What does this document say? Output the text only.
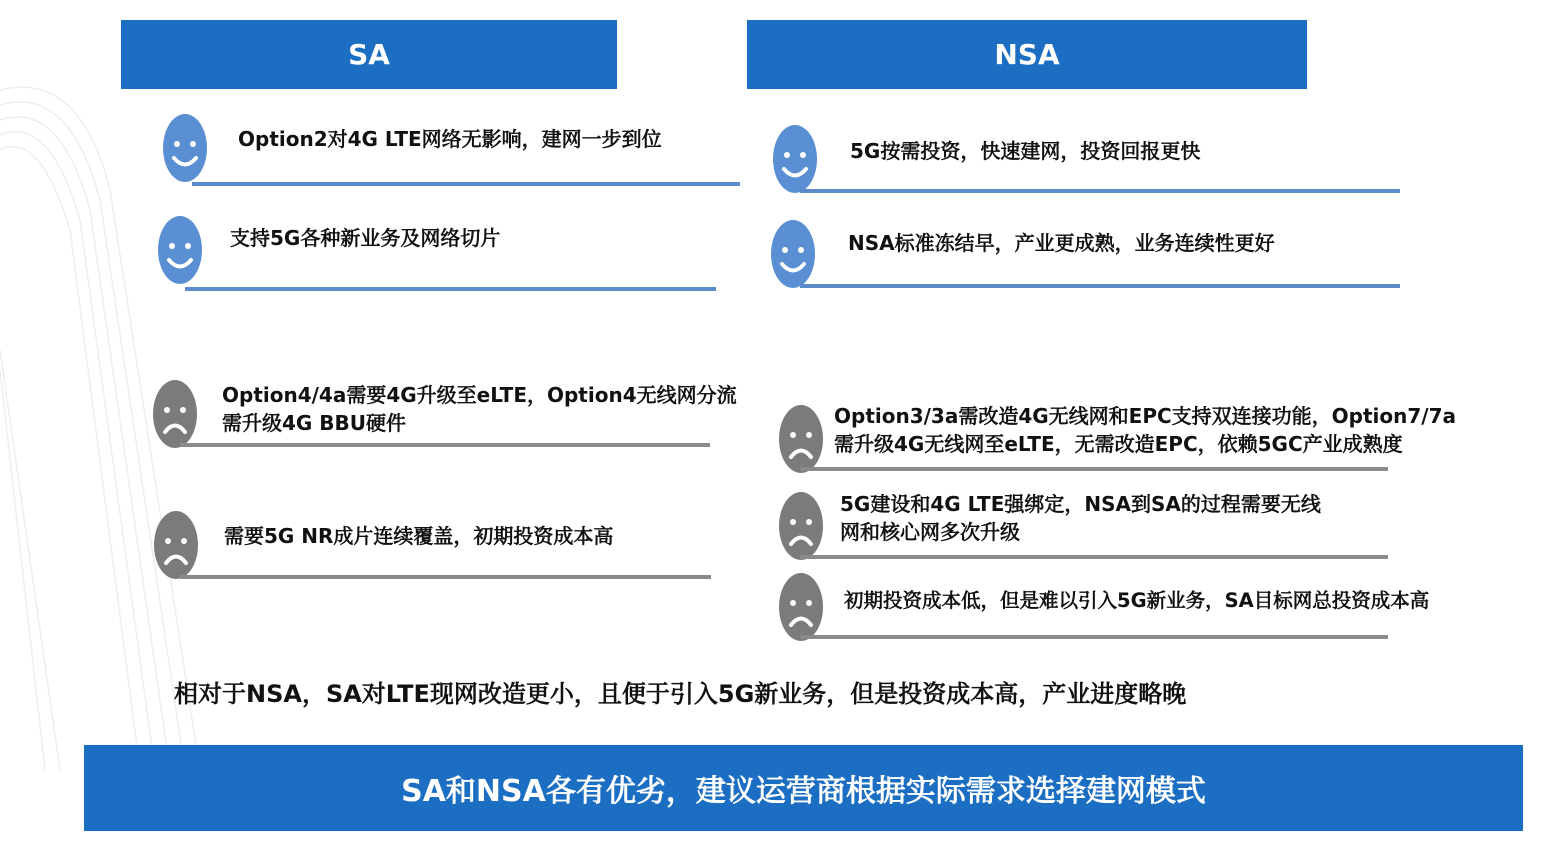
SA	NSA
Option2对4G LTE网络无影响，建网一步到位
支持5G各种新业务及网络切片
Option4/4a需要4G升级至eLTE，Option4无线网分流
需升级4G BBU硬件
需要5G NR成片连续覆盖，初期投资成本高
5G按需投资，快速建网，投资回报更快
NSA标准冻结早，产业更成熟，业务连续性更好
Option3/3a需改造4G无线网和EPC支持双连接功能，Option7/7a
需升级4G无线网至eLTE，无需改造EPC，依赖5GC产业成熟度
5G建设和4G LTE强绑定，NSA到SA的过程需要无线
网和核心网多次升级
初期投资成本低，但是难以引入5G新业务，SA目标网总投资成本高
相对于NSA，SA对LTE现网改造更小，且便于引入5G新业务，但是投资成本高，产业进度略晚
SA和NSA各有优劣，建议运营商根据实际需求选择建网模式
